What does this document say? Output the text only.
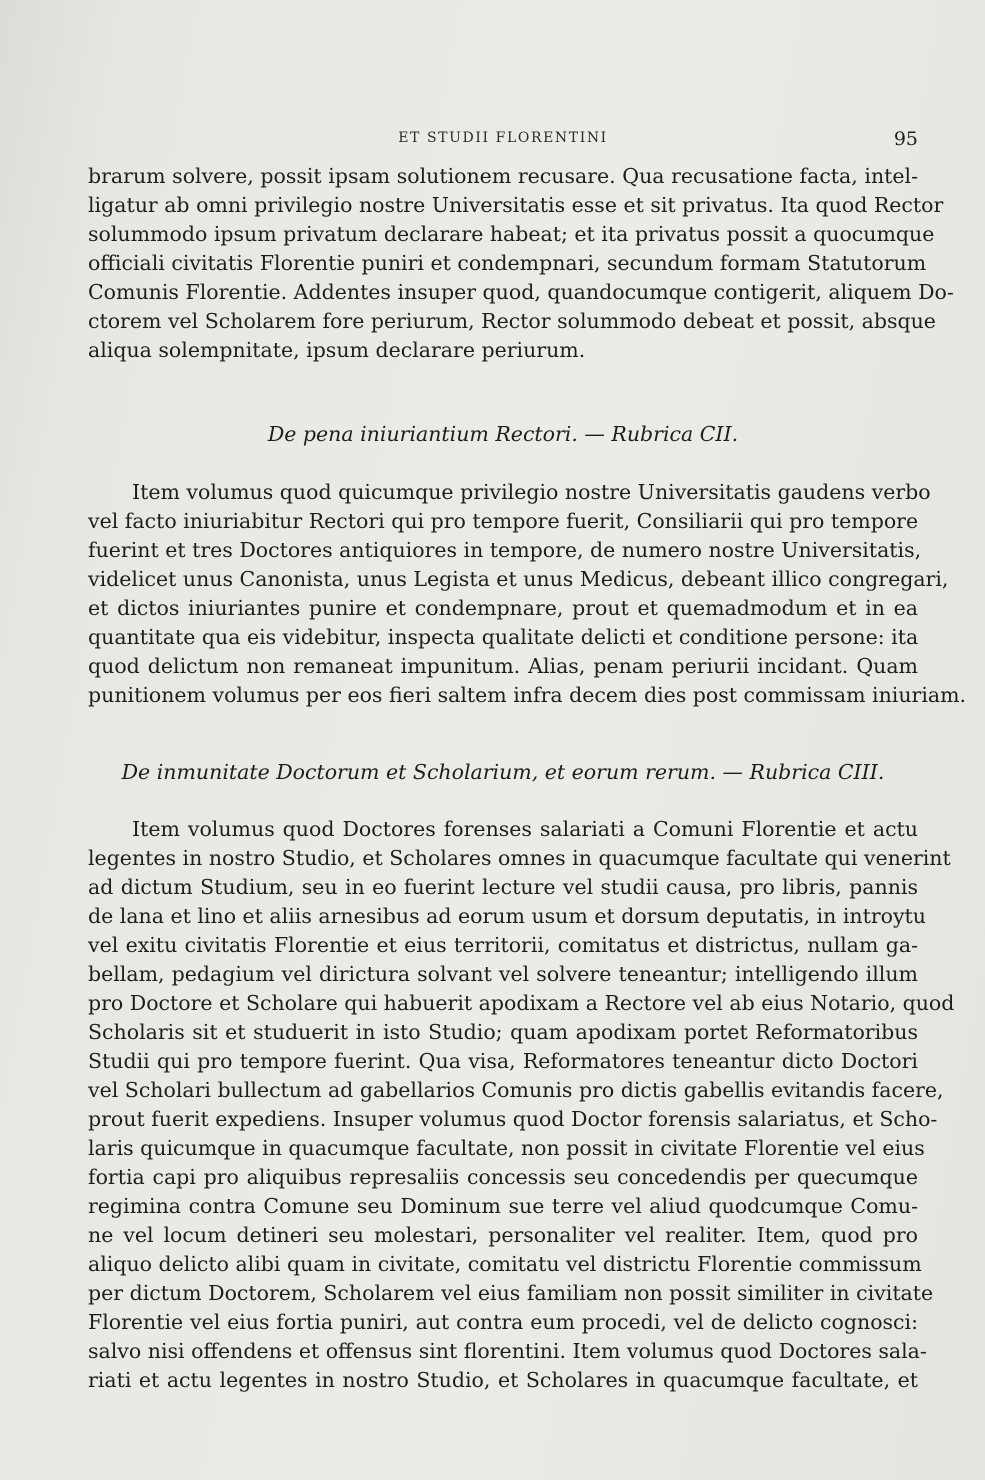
ET STUDII FLORENTINI	95
brarum solvere, possit ipsam solutionem recusare. Qua recusatione facta, intel-
ligatur ab omni privilegio nostre Universitatis esse et sit privatus. Ita quod Rector
solummodo ipsum privatum declarare habeat; et ita privatus possit a quocumque
officiali civitatis Florentie puniri et condempnari, secundum formam Statutorum
Comunis Florentie. Addentes insuper quod, quandocumque contigerit, aliquem Do-
ctorem vel Scholarem fore periurum, Rector solummodo debeat et possit, absque
aliqua solempnitate, ipsum declarare periurum.
De pena iniuriantium Rectori. — Rubrica CII.
Item volumus quod quicumque privilegio nostre Universitatis gaudens verbo
vel facto iniuriabitur Rectori qui pro tempore fuerit, Consiliarii qui pro tempore
fuerint et tres Doctores antiquiores in tempore, de numero nostre Universitatis,
videlicet unus Canonista, unus Legista et unus Medicus, debeant illico congregari,
et dictos iniuriantes punire et condempnare, prout et quemadmodum et in ea
quantitate qua eis videbitur, inspecta qualitate delicti et conditione persone: ita
quod delictum non remaneat impunitum. Alias, penam periurii incidant. Quam
punitionem volumus per eos fieri saltem infra decem dies post commissam iniuriam.
De inmunitate Doctorum et Scholarium, et eorum rerum. — Rubrica CIII.
Item volumus quod Doctores forenses salariati a Comuni Florentie et actu
legentes in nostro Studio, et Scholares omnes in quacumque facultate qui venerint
ad dictum Studium, seu in eo fuerint lecture vel studii causa, pro libris, pannis
de lana et lino et aliis arnesibus ad eorum usum et dorsum deputatis, in introytu
vel exitu civitatis Florentie et eius territorii, comitatus et districtus, nullam ga-
bellam, pedagium vel dirictura solvant vel solvere teneantur; intelligendo illum
pro Doctore et Scholare qui habuerit apodixam a Rectore vel ab eius Notario, quod
Scholaris sit et studuerit in isto Studio; quam apodixam portet Reformatoribus
Studii qui pro tempore fuerint. Qua visa, Reformatores teneantur dicto Doctori
vel Scholari bullectum ad gabellarios Comunis pro dictis gabellis evitandis facere,
prout fuerit expediens. Insuper volumus quod Doctor forensis salariatus, et Scho-
laris quicumque in quacumque facultate, non possit in civitate Florentie vel eius
fortia capi pro aliquibus represaliis concessis seu concedendis per quecumque
regimina contra Comune seu Dominum sue terre vel aliud quodcumque Comu-
ne vel locum detineri seu molestari, personaliter vel realiter. Item, quod pro
aliquo delicto alibi quam in civitate, comitatu vel districtu Florentie commissum
per dictum Doctorem, Scholarem vel eius familiam non possit similiter in civitate
Florentie vel eius fortia puniri, aut contra eum procedi, vel de delicto cognosci:
salvo nisi offendens et offensus sint florentini. Item volumus quod Doctores sala-
riati et actu legentes in nostro Studio, et Scholares in quacumque facultate, et
